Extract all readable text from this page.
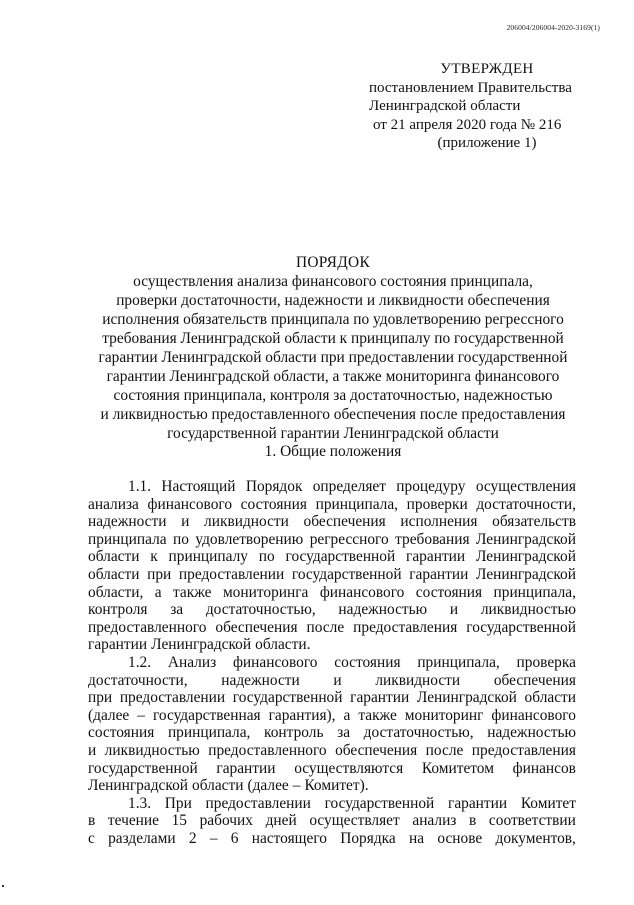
206004/206004-2020-3169(1)
УТВЕРЖДЕН
постановлением Правительства
Ленинградской области
от 21 апреля 2020 года № 216
(приложение 1)
ПОРЯДОК
осуществления анализа финансового состояния принципала,
проверки достаточности, надежности и ликвидности обеспечения
исполнения обязательств принципала по удовлетворению регрессного
требования Ленинградской области к принципалу по государственной
гарантии Ленинградской области при предоставлении государственной
гарантии Ленинградской области, а также мониторинга финансового
состояния принципала, контроля за достаточностью, надежностью
и ликвидностью предоставленного обеспечения после предоставления
государственной гарантии Ленинградской области
1. Общие положения
1.1. Настоящий Порядок определяет процедуру осуществления
анализа финансового состояния принципала, проверки достаточности,
надежности и ликвидности обеспечения исполнения обязательств
принципала по удовлетворению регрессного требования Ленинградской
области к принципалу по государственной гарантии Ленинградской
области при предоставлении государственной гарантии Ленинградской
области, а также мониторинга финансового состояния принципала,
контроля за достаточностью, надежностью и ликвидностью
предоставленного обеспечения после предоставления государственной
гарантии Ленинградской области.
1.2. Анализ финансового состояния принципала, проверка
достаточности, надежности и ликвидности обеспечения
при предоставлении государственной гарантии Ленинградской области
(далее – государственная гарантия), а также мониторинг финансового
состояния принципала, контроль за достаточностью, надежностью
и ликвидностью предоставленного обеспечения после предоставления
государственной гарантии осуществляются Комитетом финансов
Ленинградской области (далее – Комитет).
1.3. При предоставлении государственной гарантии Комитет
в течение 15 рабочих дней осуществляет анализ в соответствии
с разделами 2 – 6 настоящего Порядка на основе документов,
